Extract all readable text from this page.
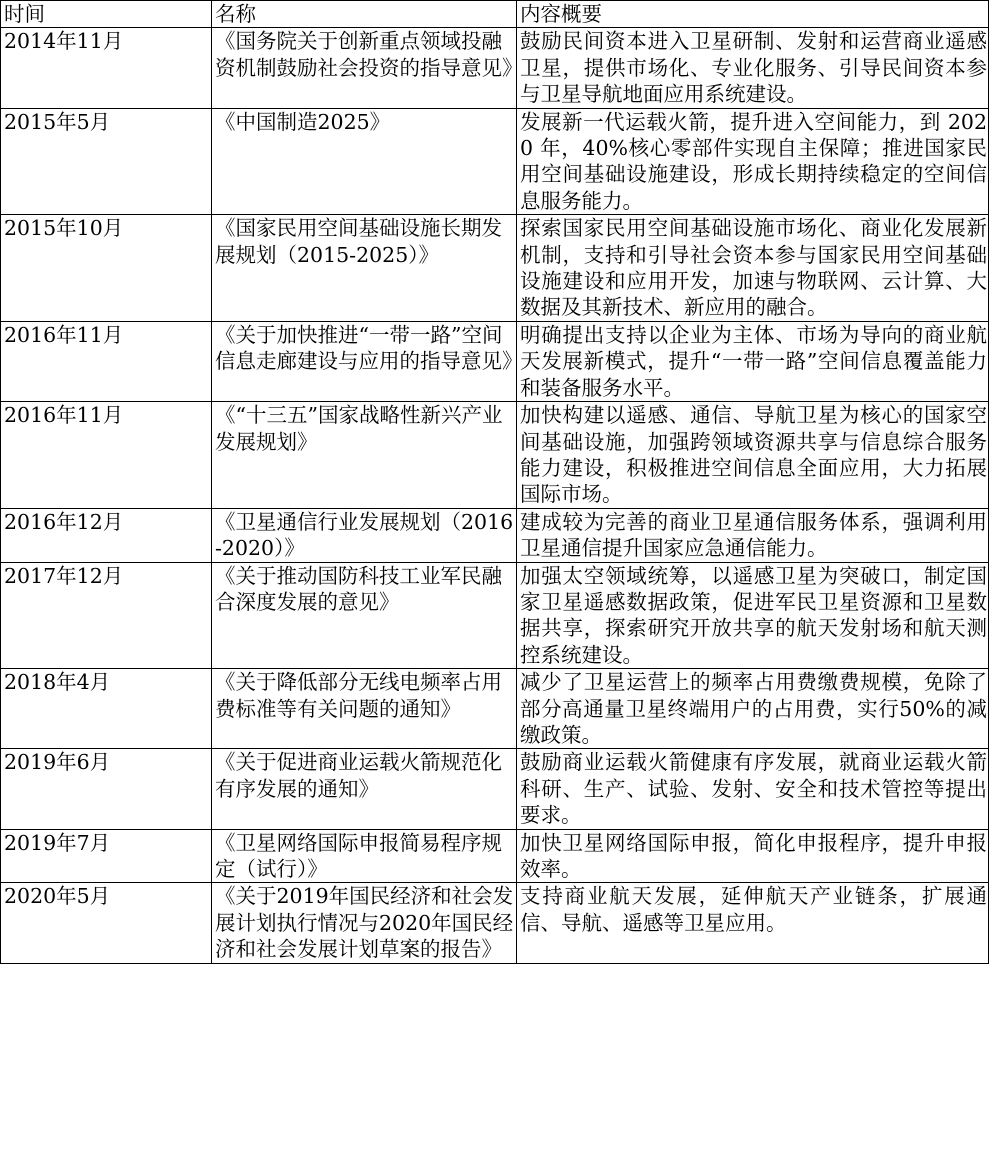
时间	名称	内容概要
2014年11月	《国务院关于创新重点领域投融资机制鼓励社会投资的指导意见》	鼓励民间资本进入卫星研制、发射和运营商业遥感卫星，提供市场化、专业化服务、引导民间资本参与卫星导航地面应用系统建设。
2015年5月	《中国制造2025》	发展新一代运载火箭，提升进入空间能力，到 2020 年，40%核心零部件实现自主保障；推进国家民用空间基础设施建设，形成长期持续稳定的空间信息服务能力。
2015年10月	《国家民用空间基础设施长期发展规划（2015-2025）》	探索国家民用空间基础设施市场化、商业化发展新机制，支持和引导社会资本参与国家民用空间基础设施建设和应用开发，加速与物联网、云计算、大数据及其新技术、新应用的融合。
2016年11月	《关于加快推进“一带一路”空间信息走廊建设与应用的指导意见》	明确提出支持以企业为主体、市场为导向的商业航天发展新模式，提升“一带一路”空间信息覆盖能力和装备服务水平。
2016年11月	《“十三五”国家战略性新兴产业发展规划》	加快构建以遥感、通信、导航卫星为核心的国家空间基础设施，加强跨领域资源共享与信息综合服务能力建设，积极推进空间信息全面应用，大力拓展国际市场。
2016年12月	《卫星通信行业发展规划（2016-2020）》	建成较为完善的商业卫星通信服务体系，强调利用卫星通信提升国家应急通信能力。
2017年12月	《关于推动国防科技工业军民融合深度发展的意见》	加强太空领域统筹，以遥感卫星为突破口，制定国家卫星遥感数据政策，促进军民卫星资源和卫星数据共享，探索研究开放共享的航天发射场和航天测控系统建设。
2018年4月	《关于降低部分无线电频率占用费标准等有关问题的通知》	减少了卫星运营上的频率占用费缴费规模，免除了部分高通量卫星终端用户的占用费，实行50%的减缴政策。
2019年6月	《关于促进商业运载火箭规范化有序发展的通知》	鼓励商业运载火箭健康有序发展，就商业运载火箭科研、生产、试验、发射、安全和技术管控等提出要求。
2019年7月	《卫星网络国际申报简易程序规定（试行）》	加快卫星网络国际申报，简化申报程序，提升申报效率。
2020年5月	《关于2019年国民经济和社会发展计划执行情况与2020年国民经济和社会发展计划草案的报告》	支持商业航天发展，延伸航天产业链条，扩展通信、导航、遥感等卫星应用。
